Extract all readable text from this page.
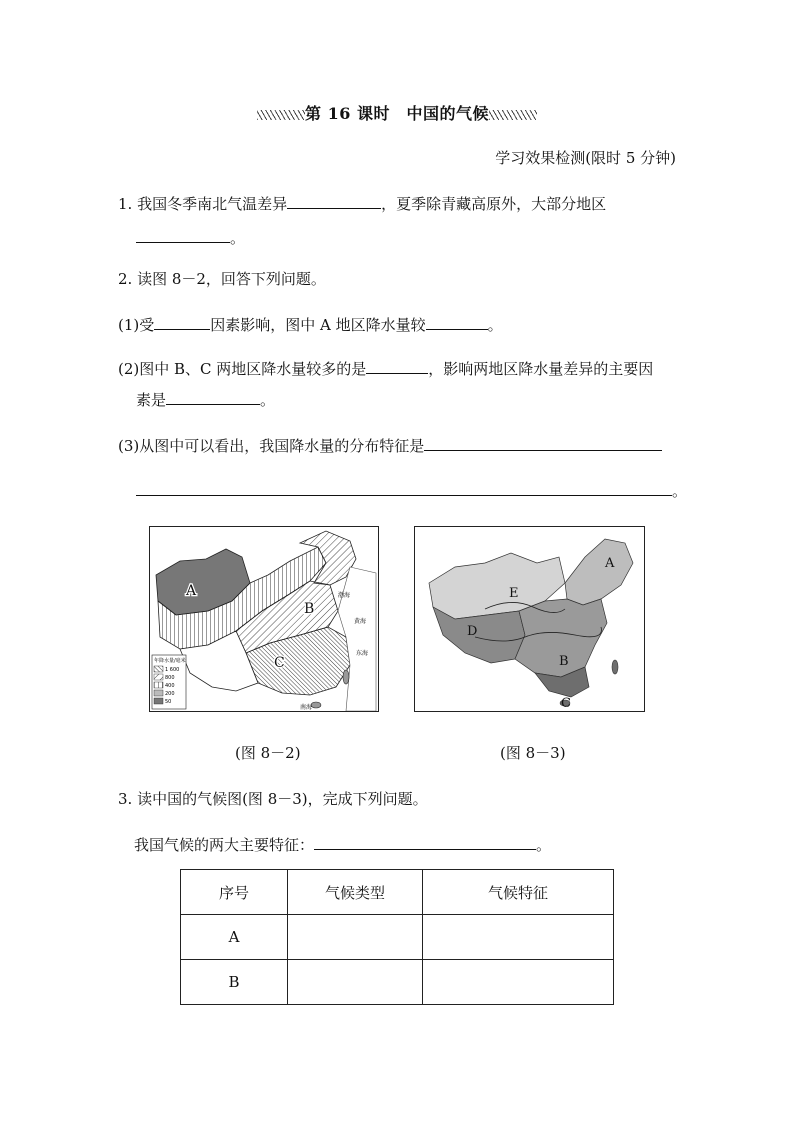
第 16 课时　中国的气候
学习效果检测(限时 5 分钟)
1. 我国冬季南北气温差异	，夏季除青藏高原外，大部分地区
。
2. 读图 8－2，回答下列问题。
(1)受	因素影响，图中 A 地区降水量较	。
(2)图中 B、C 两地区降水量较多的是	，影响两地区降水量差异的主要因
素是	。
(3)从图中可以看出，我国降水量的分布特征是
。
年降水量/毫米
1 600
800
400
200
50
渤海
黄海
东海
南海
A
B
C
A
E
D
B
C
(图 8－2)	(图 8－3)
3. 读中国的气候图(图 8－3)，完成下列问题。
我国气候的两大主要特征：	。
序号	气候类型	气候特征
A		
B		
